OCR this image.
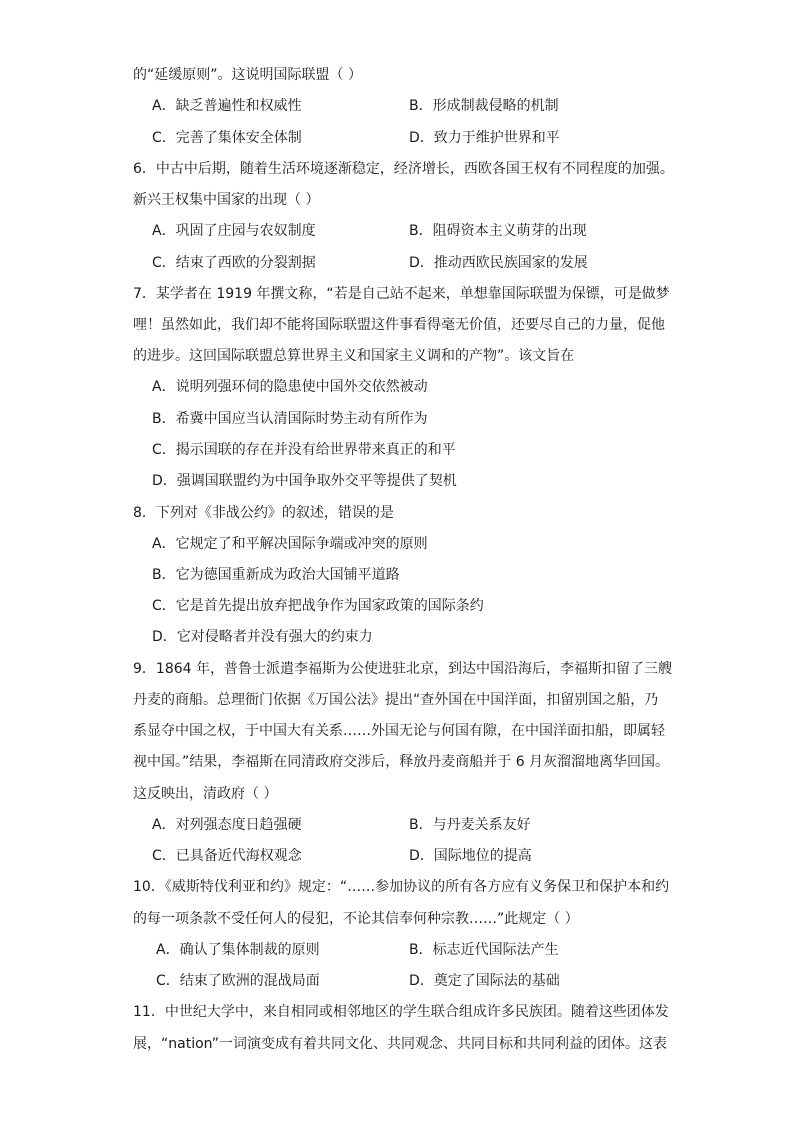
的“延缓原则”。这说明国际联盟（ ）
A．缺乏普遍性和权威性	B．形成制裁侵略的机制
C．完善了集体安全体制	D．致力于维护世界和平
6．中古中后期，随着生活环境逐渐稳定，经济增长，西欧各国王权有不同程度的加强。
新兴王权集中国家的出现（ ）
A．巩固了庄园与农奴制度	B．阻碍资本主义萌芽的出现
C．结束了西欧的分裂割据	D．推动西欧民族国家的发展
7．某学者在 1919 年撰文称，“若是自己站不起来，单想靠国际联盟为保镖，可是做梦
哩！虽然如此，我们却不能将国际联盟这件事看得毫无价值，还要尽自己的力量，促他
的进步。这回国际联盟总算世界主义和国家主义调和的产物”。该文旨在
A．说明列强环伺的隐患使中国外交依然被动
B．希冀中国应当认清国际时势主动有所作为
C．揭示国联的存在并没有给世界带来真正的和平
D．强调国联盟约为中国争取外交平等提供了契机
8．下列对《非战公约》的叙述，错误的是
A．它规定了和平解决国际争端或冲突的原则
B．它为德国重新成为政治大国铺平道路
C．它是首先提出放弃把战争作为国家政策的国际条约
D．它对侵略者并没有强大的约束力
9．1864 年，普鲁士派遣李福斯为公使进驻北京，到达中国沿海后，李福斯扣留了三艘
丹麦的商船。总理衙门依据《万国公法》提出“查外国在中国洋面，扣留别国之船，乃
系显夺中国之权，于中国大有关系……外国无论与何国有隙，在中国洋面扣船，即属轻
视中国。”结果，李福斯在同清政府交涉后，释放丹麦商船并于 6 月灰溜溜地离华回国。
这反映出，清政府（ ）
A．对列强态度日趋强硬	B．与丹麦关系友好
C．已具备近代海权观念	D．国际地位的提高
10．《威斯特伐利亚和约》规定：“……参加协议的所有各方应有义务保卫和保护本和约
的每一项条款不受任何人的侵犯，不论其信奉何种宗教……”此规定（ ）
A．确认了集体制裁的原则	B．标志近代国际法产生
C．结束了欧洲的混战局面	D．奠定了国际法的基础
11．中世纪大学中，来自相同或相邻地区的学生联合组成许多民族团。随着这些团体发
展，“nation”一词演变成有着共同文化、共同观念、共同目标和共同利益的团体。这表
